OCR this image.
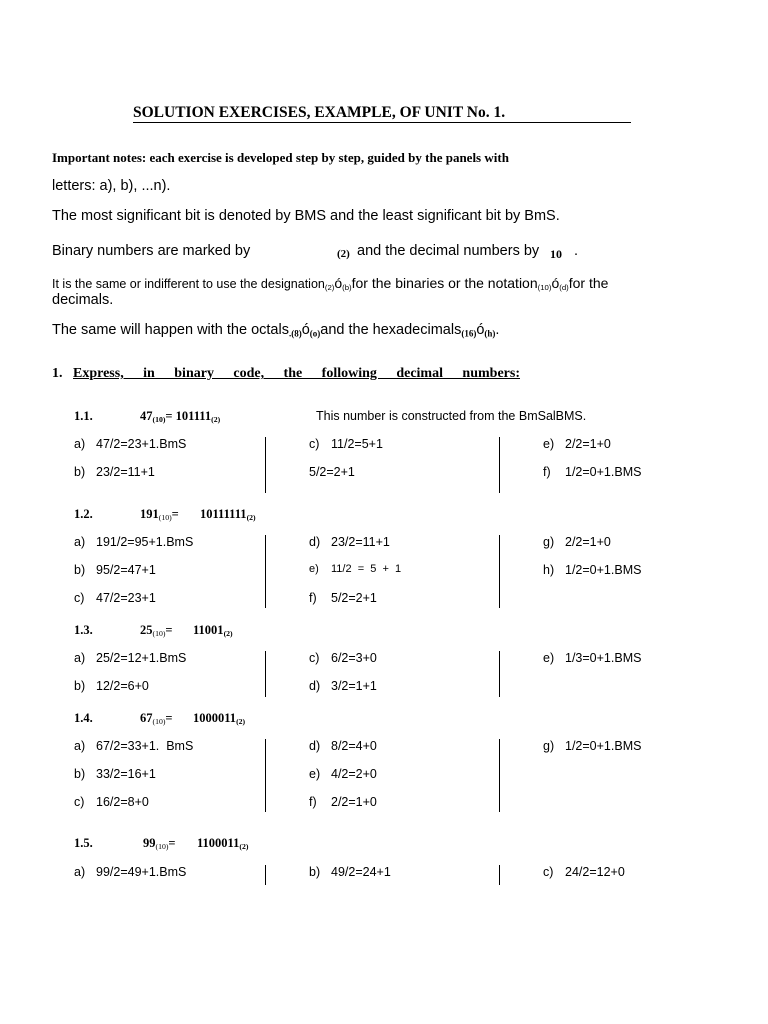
SOLUTION EXERCISES, EXAMPLE, OF UNIT No. 1.
Important notes: each exercise is developed step by step, guided by the panels with
letters: a), b), ...n).
The most significant bit is denoted by BMS and the least significant bit by BmS.
Binary numbers are marked by	(2) and the decimal numbers by 10 .
It is the same or indifferent to use the $designation_{(2)}ó_{(b)}for$ the binaries or the $notation_{(10)}ó_{(d)}for$ the
decimals.
The same will happen with the octals.(8)ó(o)and the hexadecimals(16)ó(h).
1. Express, in binary code, the following decimal numbers:
1.1.	$47_{(10)}= 101111_{(2)}$	This number is constructed from the BmSalBMS.
a) 47/2=23+1.BmS
b) 23/2=11+1
c) 11/2=5+1
5/2=2+1
e) 2/2=1+0
f) 1/2=0+1.BMS
1.2.	$191_{(10)}= 10111111_{(2)}$
a) 191/2=95+1.BmS
b) 95/2=47+1
c) 47/2=23+1
d) 23/2=11+1
e) 11/2  =  5  +  1
f) 5/2=2+1
g) 2/2=1+0
h) 1/2=0+1.BMS
1.3.	$25_{(10)}= 11001_{(2)}$
a) 25/2=12+1.BmS
b) 12/2=6+0
c) 6/2=3+0
d) 3/2=1+1
e) 1/3=0+1.BMS
1.4.	$67_{(10)}= 1000011_{(2)}$
a) 67/2=33+1.  BmS
b) 33/2=16+1
c) 16/2=8+0
d) 8/2=4+0
e) 4/2=2+0
f) 2/2=1+0
g) 1/2=0+1.BMS
1.5.	$99_{(10)}= 1100011_{(2)}$
a) 99/2=49+1.BmS	b) 49/2=24+1	c) 24/2=12+0
